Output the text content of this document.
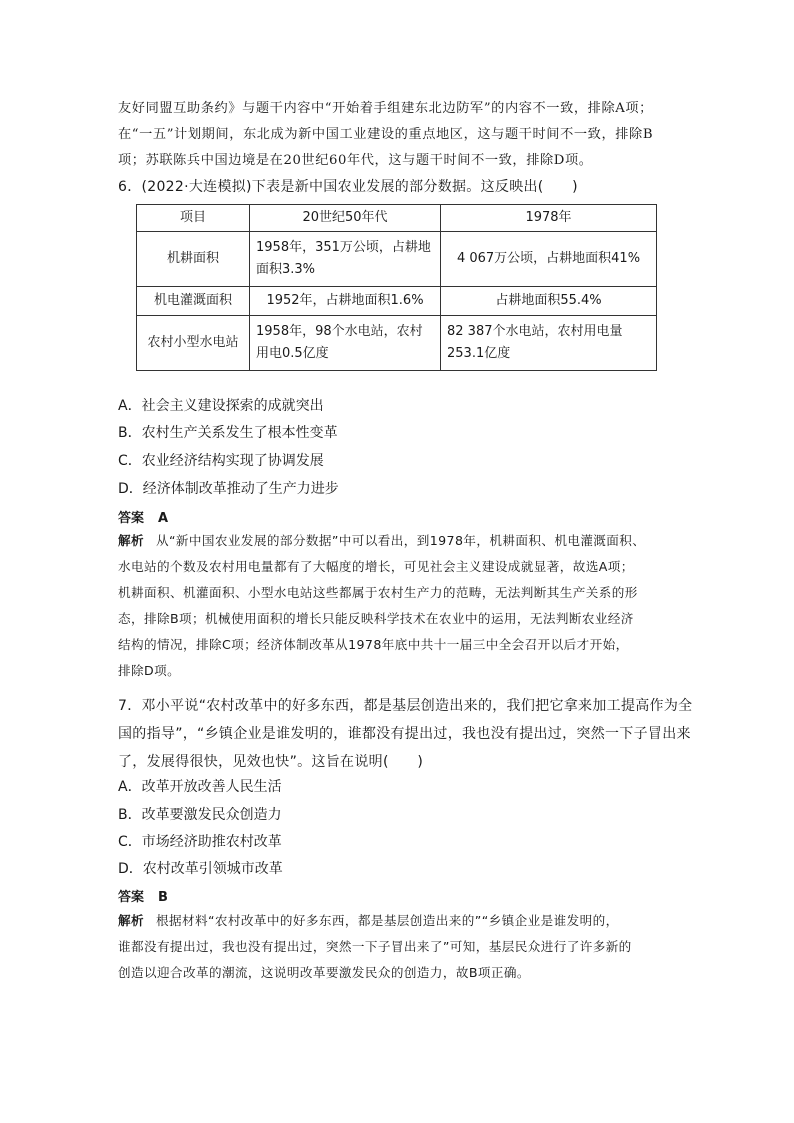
友好同盟互助条约》与题干内容中“开始着手组建东北边防军”的内容不一致，排除A项；
在“一五”计划期间，东北成为新中国工业建设的重点地区，这与题干时间不一致，排除B
项；苏联陈兵中国边境是在20世纪60年代，这与题干时间不一致，排除D项。
6．(2022·大连模拟)下表是新中国农业发展的部分数据。这反映出(　　)
项目	20世纪50年代	1978年
机耕面积	1958年，351万公顷，占耕地面积3.3%	4 067万公顷，占耕地面积41%
机电灌溉面积	1952年，占耕地面积1.6%	占耕地面积55.4%
农村小型水电站	1958年，98个水电站，农村用电0.5亿度	82 387个水电站，农村用电量253.1亿度
A．社会主义建设探索的成就突出
B．农村生产关系发生了根本性变革
C．农业经济结构实现了协调发展
D．经济体制改革推动了生产力进步
答案 A
解析 从“新中国农业发展的部分数据”中可以看出，到1978年，机耕面积、机电灌溉面积、
水电站的个数及农村用电量都有了大幅度的增长，可见社会主义建设成就显著，故选A项；
机耕面积、机灌面积、小型水电站这些都属于农村生产力的范畴，无法判断其生产关系的形
态，排除B项；机械使用面积的增长只能反映科学技术在农业中的运用，无法判断农业经济
结构的情况，排除C项；经济体制改革从1978年底中共十一届三中全会召开以后才开始，
排除D项。
7．邓小平说“农村改革中的好多东西，都是基层创造出来的，我们把它拿来加工提高作为全
国的指导”，“乡镇企业是谁发明的，谁都没有提出过，我也没有提出过，突然一下子冒出来
了，发展得很快，见效也快”。这旨在说明(　　)
A．改革开放改善人民生活
B．改革要激发民众创造力
C．市场经济助推农村改革
D．农村改革引领城市改革
答案 B
解析 根据材料“农村改革中的好多东西，都是基层创造出来的”“乡镇企业是谁发明的，
谁都没有提出过，我也没有提出过，突然一下子冒出来了”可知，基层民众进行了许多新的
创造以迎合改革的潮流，这说明改革要激发民众的创造力，故B项正确。
